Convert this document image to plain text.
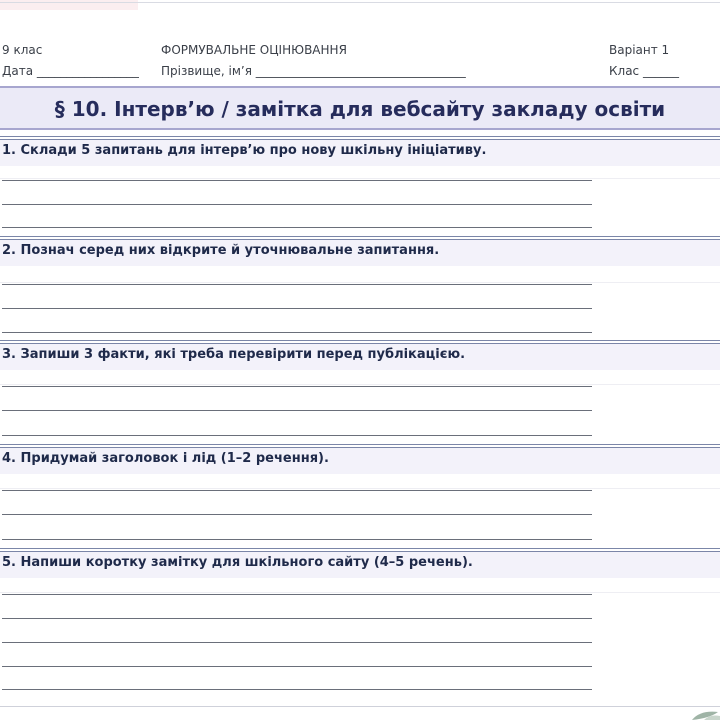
9 клас
Дата _________________
ФОРМУВАЛЬНЕ ОЦІНЮВАННЯ
Прізвище, ім’я ___________________________________
Варіант 1
Клас ______
§ 10. Інтерв’ю / замітка для вебсайту закладу освіти
1. Склади 5 запитань для інтерв’ю про нову шкільну ініціативу.
2. Познач серед них відкрите й уточнювальне запитання.
3. Запиши 3 факти, які треба перевірити перед публікацією.
4. Придумай заголовок і лід (1–2 речення).
5. Напиши коротку замітку для шкільного сайту (4–5 речень).
